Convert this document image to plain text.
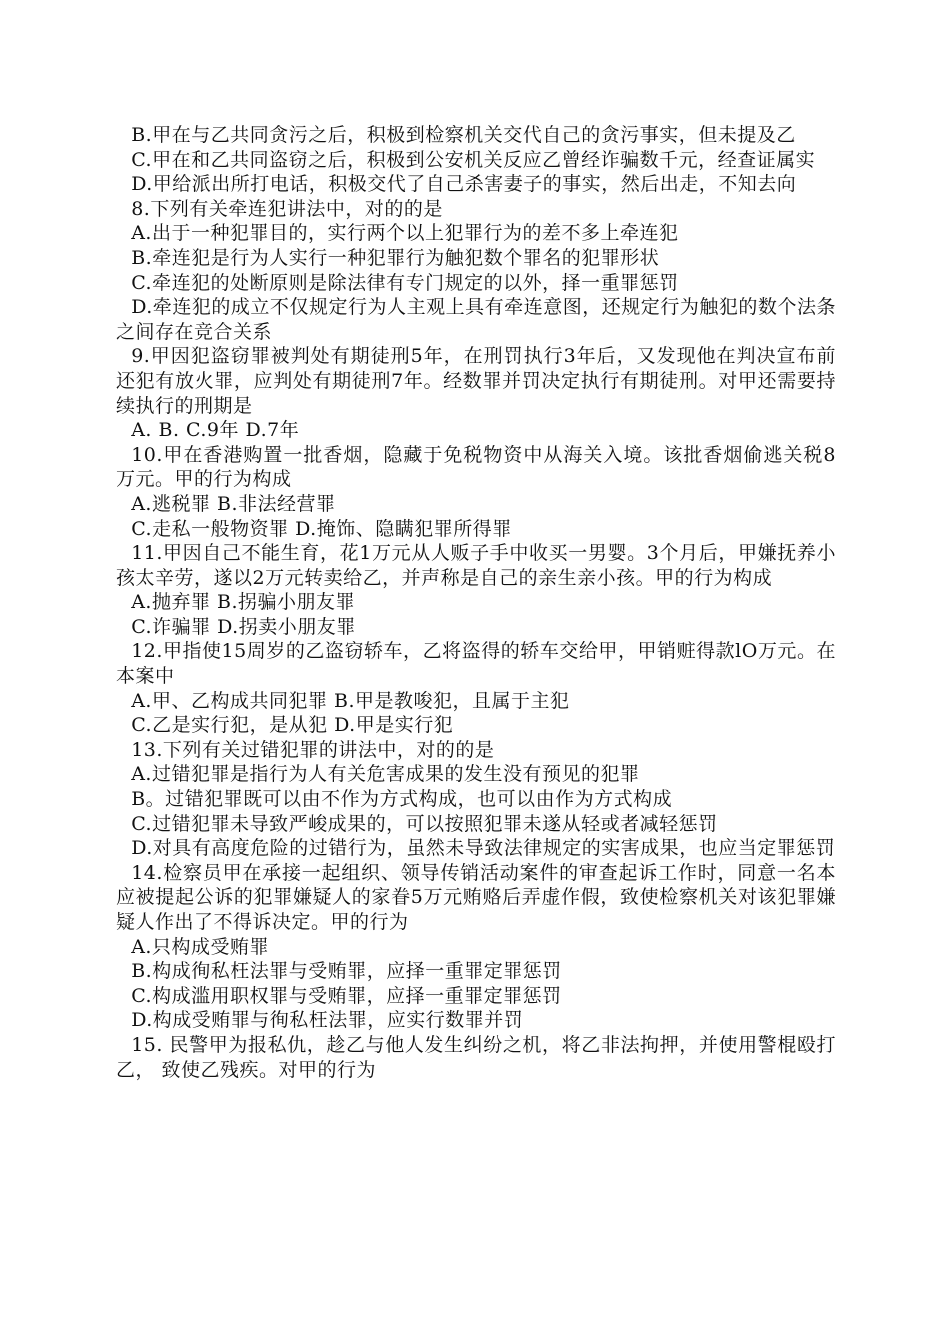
B.甲在与乙共同贪污之后，积极到检察机关交代自己的贪污事实，但未提及乙

C.甲在和乙共同盗窃之后，积极到公安机关反应乙曾经诈骗数千元，经查证属实

D.甲给派出所打电话，积极交代了自己杀害妻子的事实，然后出走，不知去向

8.下列有关牵连犯讲法中，对的的是

A.出于一种犯罪目的，实行两个以上犯罪行为的差不多上牵连犯

B.牵连犯是行为人实行一种犯罪行为触犯数个罪名的犯罪形状

C.牵连犯的处断原则是除法律有专门规定的以外，择一重罪惩罚

D.牵连犯的成立不仅规定行为人主观上具有牵连意图，还规定行为触犯的数个法条之间存在竞合关系

9.甲因犯盗窃罪被判处有期徒刑5年，在刑罚执行3年后，又发现他在判决宣布前还犯有放火罪，应判处有期徒刑7年。经数罪并罚决定执行有期徒刑。对甲还需要持续执行的刑期是

A. B. C.9年 D.7年

10.甲在香港购置一批香烟，隐藏于免税物资中从海关入境。该批香烟偷逃关税8万元。甲的行为构成

A.逃税罪 B.非法经营罪

C.走私一般物资罪 D.掩饰、隐瞒犯罪所得罪

11.甲因自己不能生育，花1万元从人贩子手中收买一男婴。3个月后，甲嫌抚养小孩太辛劳，遂以2万元转卖给乙，并声称是自己的亲生亲小孩。甲的行为构成

A.抛弃罪 B.拐骗小朋友罪

C.诈骗罪 D.拐卖小朋友罪

12.甲指使15周岁的乙盗窃轿车，乙将盗得的轿车交给甲，甲销赃得款lO万元。在本案中

A.甲、乙构成共同犯罪 B.甲是教唆犯，且属于主犯

C.乙是实行犯，是从犯 D.甲是实行犯

13.下列有关过错犯罪的讲法中，对的的是

A.过错犯罪是指行为人有关危害成果的发生没有预见的犯罪

B。过错犯罪既可以由不作为方式构成，也可以由作为方式构成

C.过错犯罪未导致严峻成果的，可以按照犯罪未遂从轻或者减轻惩罚

D.对具有高度危险的过错行为，虽然未导致法律规定的实害成果，也应当定罪惩罚

14.检察员甲在承接一起组织、领导传销活动案件的审查起诉工作时，同意一名本应被提起公诉的犯罪嫌疑人的家眷5万元贿赂后弄虚作假，致使检察机关对该犯罪嫌疑人作出了不得诉决定。甲的行为

A.只构成受贿罪

B.构成徇私枉法罪与受贿罪，应择一重罪定罪惩罚

C.构成滥用职权罪与受贿罪，应择一重罪定罪惩罚

D.构成受贿罪与徇私枉法罪，应实行数罪并罚

15. 民警甲为报私仇，趁乙与他人发生纠纷之机，将乙非法拘押，并使用警棍殴打乙， 致使乙残疾。对甲的行为
